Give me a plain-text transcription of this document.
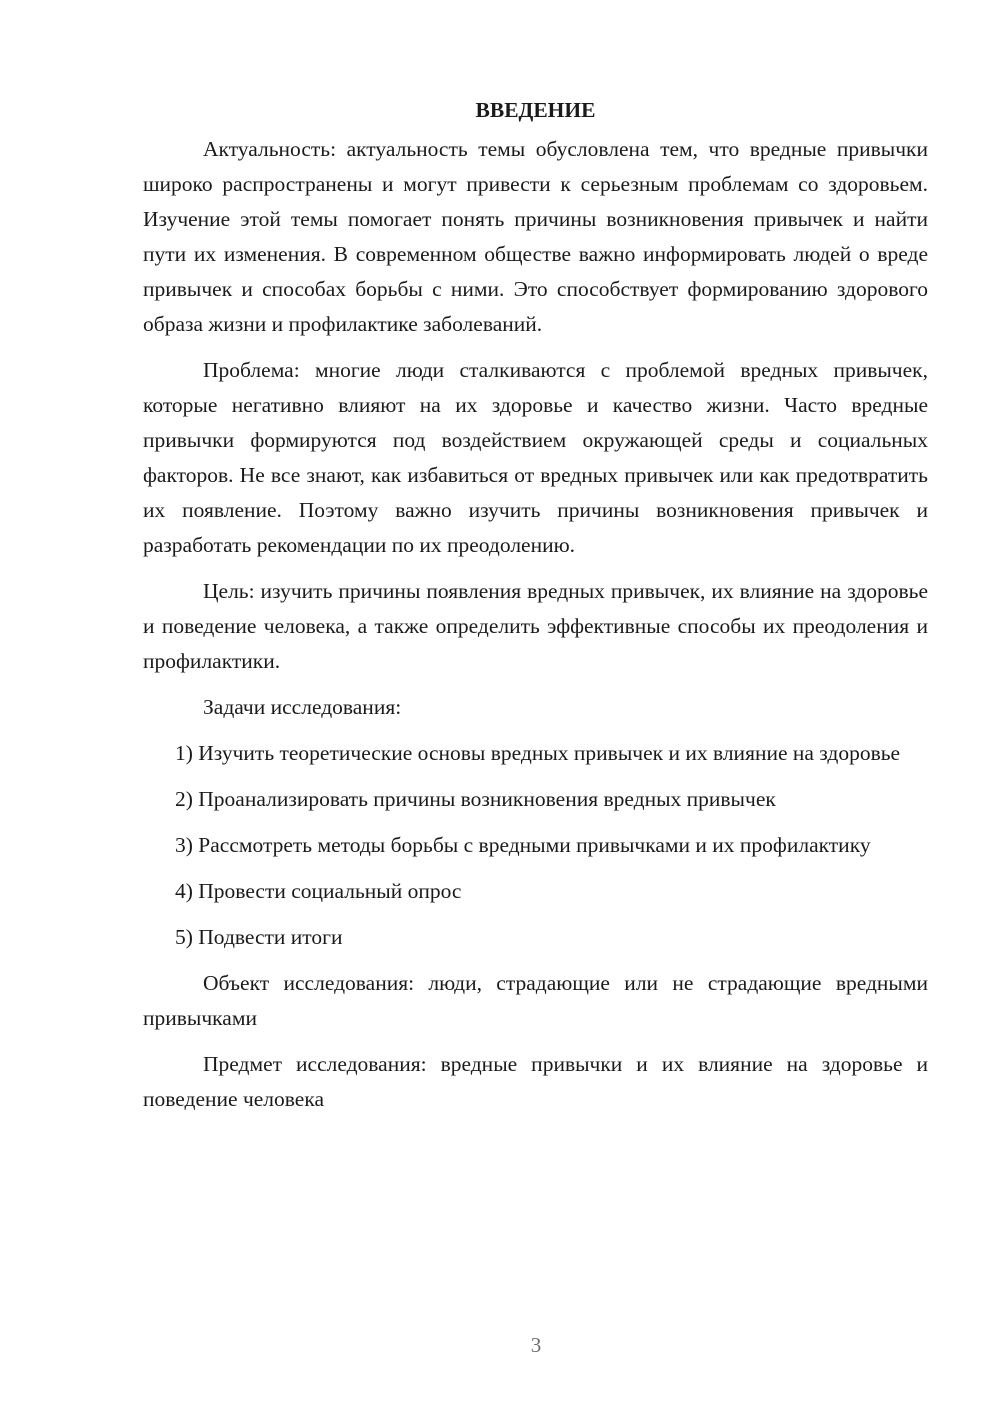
ВВЕДЕНИЕ

Актуальность: актуальность темы обусловлена тем, что вредные привычки широко распространены и могут привести к серьезным проблемам со здоровьем. Изучение этой темы помогает понять причины возникновения привычек и найти пути их изменения. В современном обществе важно информировать людей о вреде привычек и способах борьбы с ними. Это способствует формированию здорового образа жизни и профилактике заболеваний.

Проблема: многие люди сталкиваются с проблемой вредных привычек, которые негативно влияют на их здоровье и качество жизни. Часто вредные привычки формируются под воздействием окружающей среды и социальных факторов. Не все знают, как избавиться от вредных привычек или как предотвратить их появление. Поэтому важно изучить причины возникновения привычек и разработать рекомендации по их преодолению.

Цель: изучить причины появления вредных привычек, их влияние на здоровье и поведение человека, а также определить эффективные способы их преодоления и профилактики.

Задачи исследования:

1) Изучить теоретические основы вредных привычек и их влияние на здоровье

2) Проанализировать причины возникновения вредных привычек

3) Рассмотреть методы борьбы с вредными привычками и их профилактику

4) Провести социальный опрос

5) Подвести итоги

Объект исследования: люди, страдающие или не страдающие вредными привычками

Предмет исследования: вредные привычки и их влияние на здоровье и поведение человека

3
